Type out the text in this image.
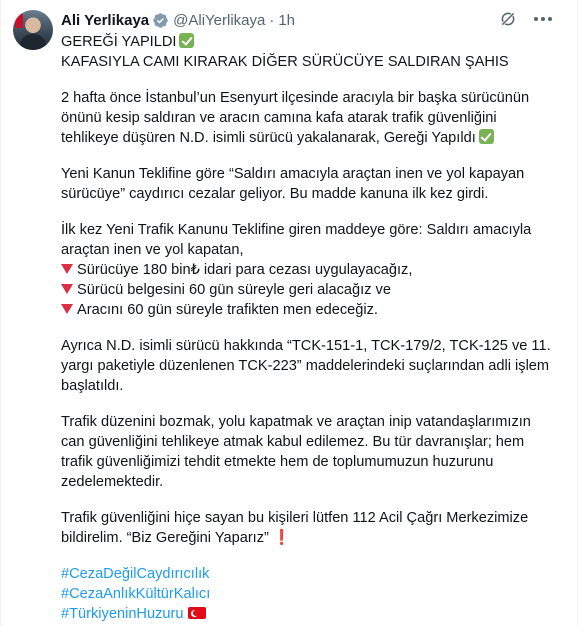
Ali Yerlikaya @AliYerlikaya · 1h
GEREĞİ YAPILDI
KAFASIYLA CAMI KIRARAK DİĞER SÜRÜCÜYE SALDIRAN ŞAHIS
2 hafta önce İstanbul’un Esenyurt ilçesinde aracıyla bir başka sürücünün
önünü kesip saldıran ve aracın camına kafa atarak trafik güvenliğini
tehlikeye düşüren N.D. isimli sürücü yakalanarak, Gereği Yapıldı
Yeni Kanun Teklifine göre “Saldırı amacıyla araçtan inen ve yol kapayan
sürücüye” caydırıcı cezalar geliyor. Bu madde kanuna ilk kez girdi.
İlk kez Yeni Trafik Kanunu Teklifine giren maddeye göre: Saldırı amacıyla
araçtan inen ve yol kapatan,
Sürücüye 180 bin₺ idari para cezası uygulayacağız,
Sürücü belgesini 60 gün süreyle geri alacağız ve
Aracını 60 gün süreyle trafikten men edeceğiz.
Ayrıca N.D. isimli sürücü hakkında “TCK-151-1, TCK-179/2, TCK-125 ve 11.
yargı paketiyle düzenlenen TCK-223” maddelerindeki suçlarından adli işlem
başlatıldı.
Trafik düzenini bozmak, yolu kapatmak ve araçtan inip vatandaşlarımızın
can güvenliğini tehlikeye atmak kabul edilemez. Bu tür davranışlar; hem
trafik güvenliğimizi tehdit etmekte hem de toplumumuzun huzurunu
zedelemektedir.
Trafik güvenliğini hiçe sayan bu kişileri lütfen 112 Acil Çağrı Merkezimize
bildirelim. “Biz Gereğini Yaparız” ❗
#CezaDeğilCaydırıcılık
#CezaAnlıkKültürKalıcı
#TürkiyeninHuzuru
